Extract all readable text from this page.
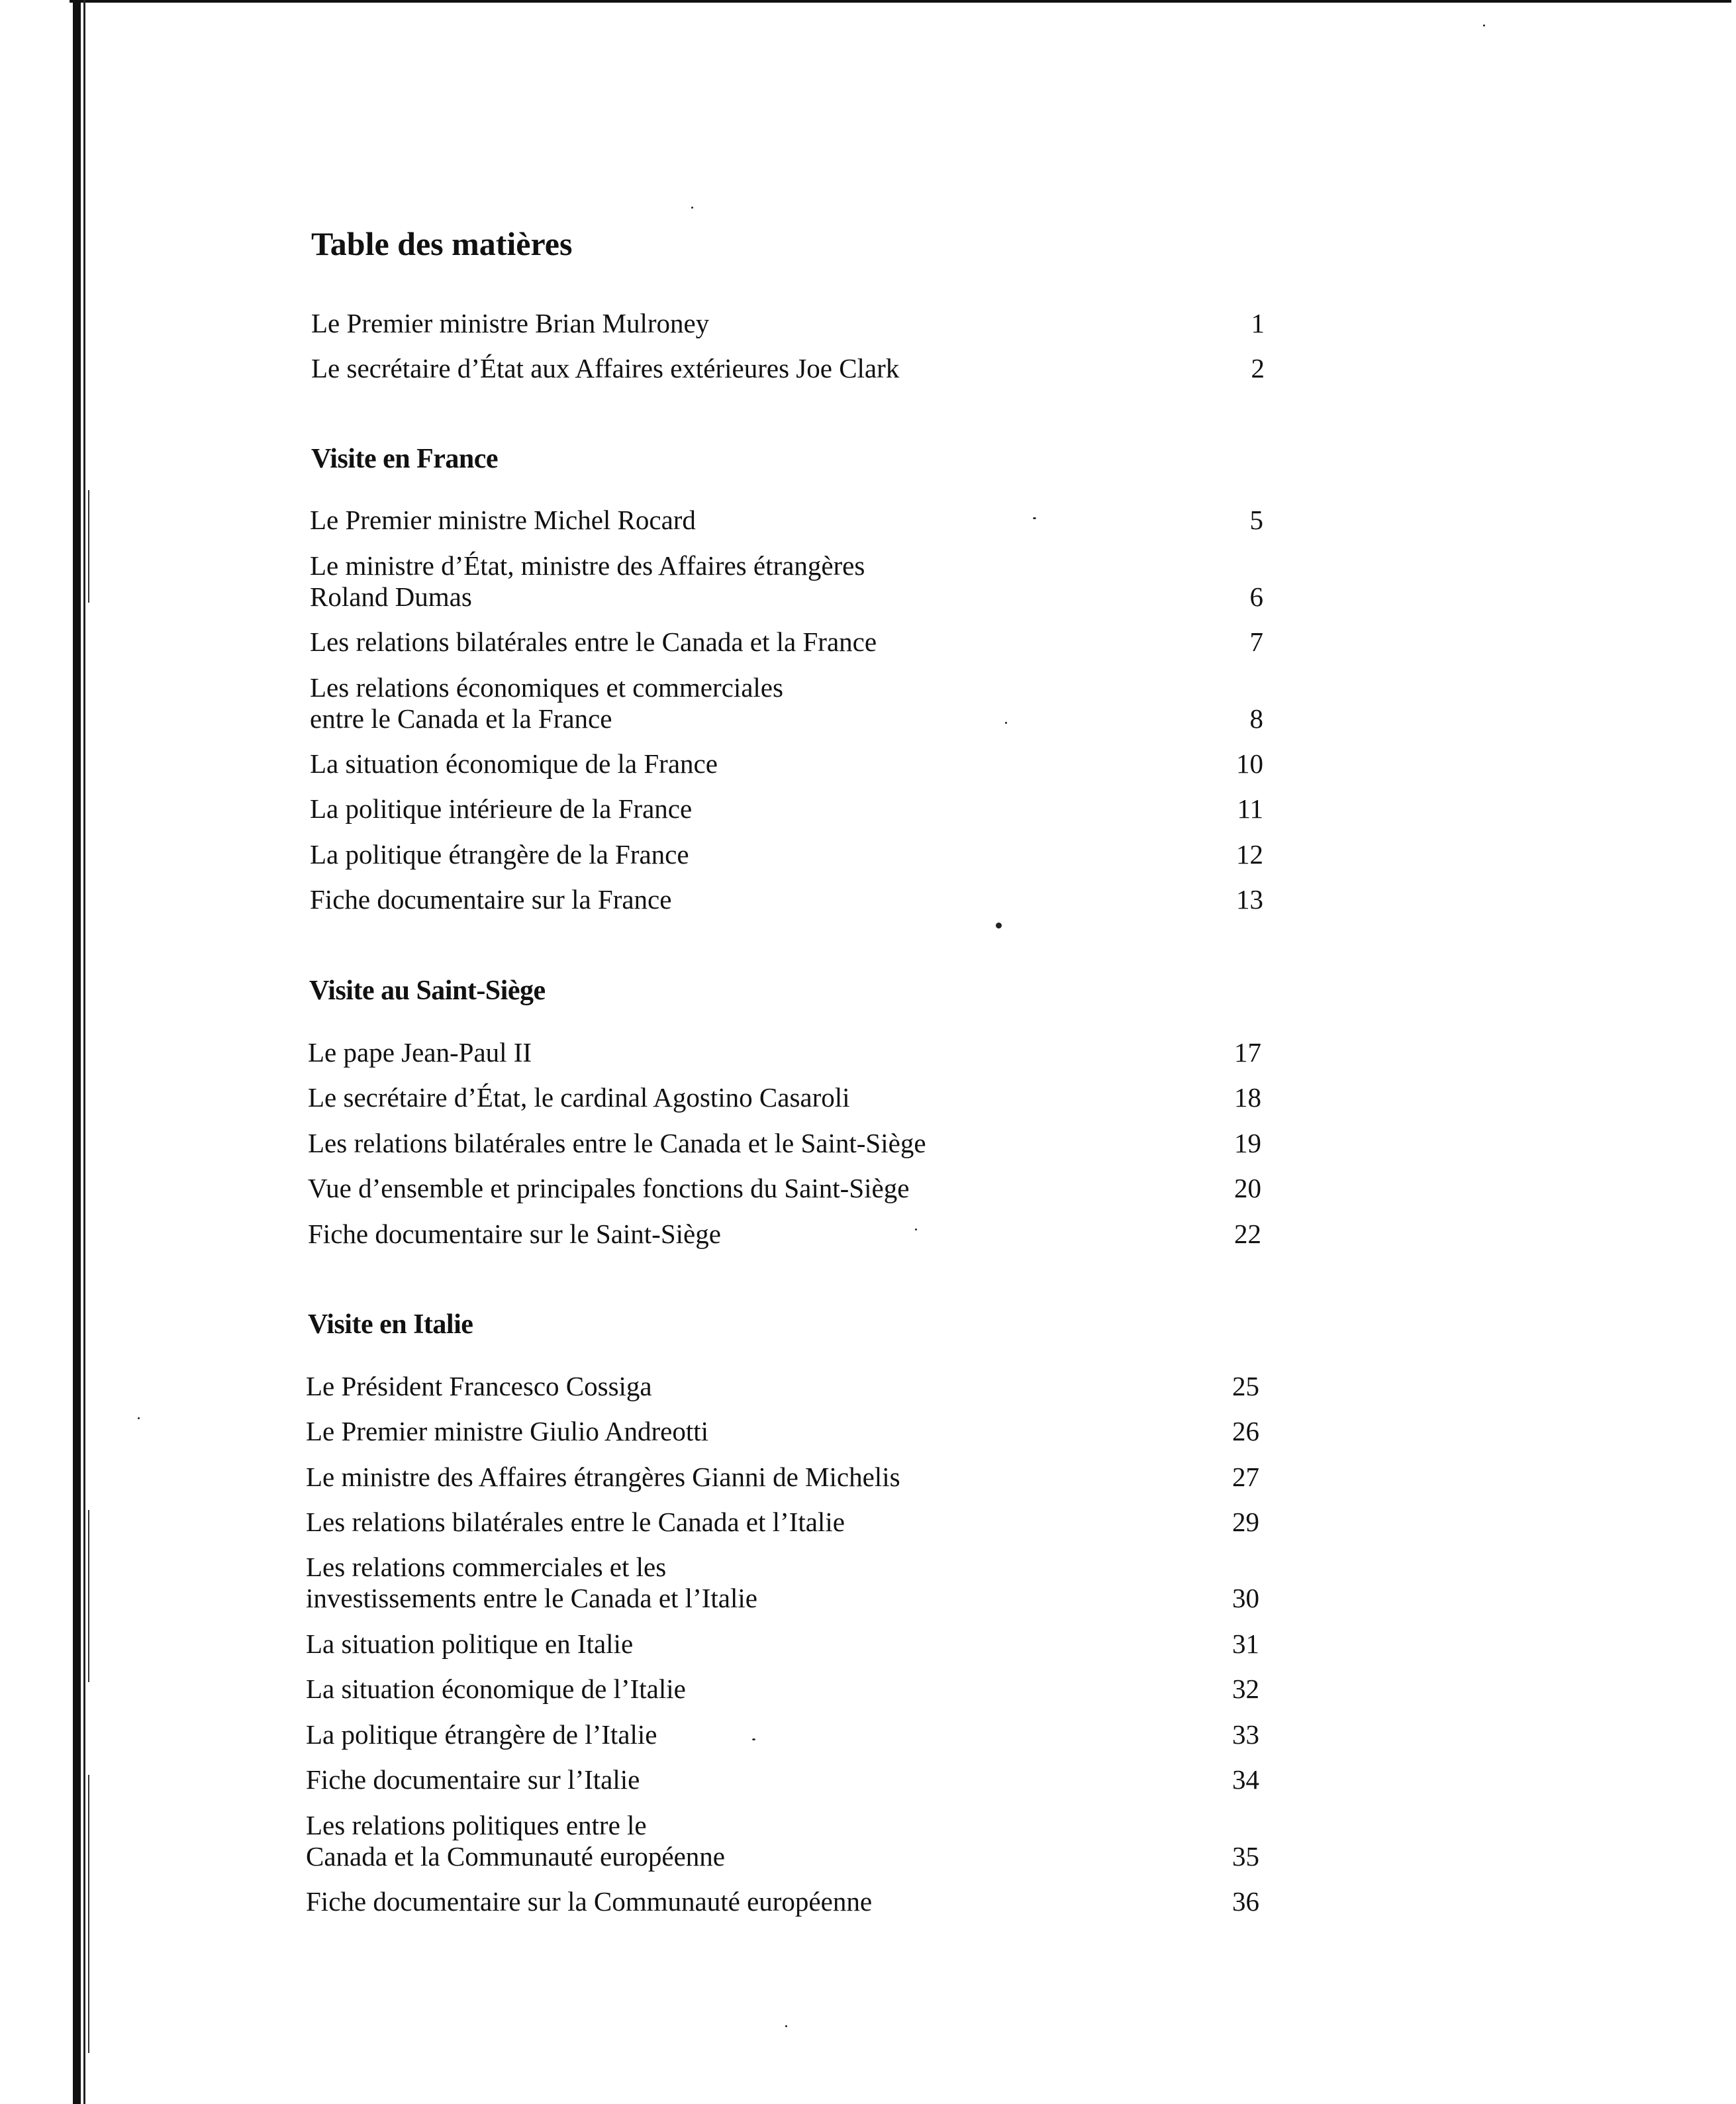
Table des matières
Le Premier ministre Brian Mulroney	1
Le secrétaire d’État aux Affaires extérieures Joe Clark	2
Visite en France
Le Premier ministre Michel Rocard	5
Le ministre d’État, ministre des Affaires étrangères
Roland Dumas	6
Les relations bilatérales entre le Canada et la France	7
Les relations économiques et commerciales
entre le Canada et la France	8
La situation économique de la France	10
La politique intérieure de la France	11
La politique étrangère de la France	12
Fiche documentaire sur la France	13
Visite au Saint-Siège
Le pape Jean-Paul II	17
Le secrétaire d’État, le cardinal Agostino Casaroli	18
Les relations bilatérales entre le Canada et le Saint-Siège	19
Vue d’ensemble et principales fonctions du Saint-Siège	20
Fiche documentaire sur le Saint-Siège	22
Visite en Italie
Le Président Francesco Cossiga	25
Le Premier ministre Giulio Andreotti	26
Le ministre des Affaires étrangères Gianni de Michelis	27
Les relations bilatérales entre le Canada et l’Italie	29
Les relations commerciales et les
investissements entre le Canada et l’Italie	30
La situation politique en Italie	31
La situation économique de l’Italie	32
La politique étrangère de l’Italie	33
Fiche documentaire sur l’Italie	34
Les relations politiques entre le
Canada et la Communauté européenne	35
Fiche documentaire sur la Communauté européenne	36
